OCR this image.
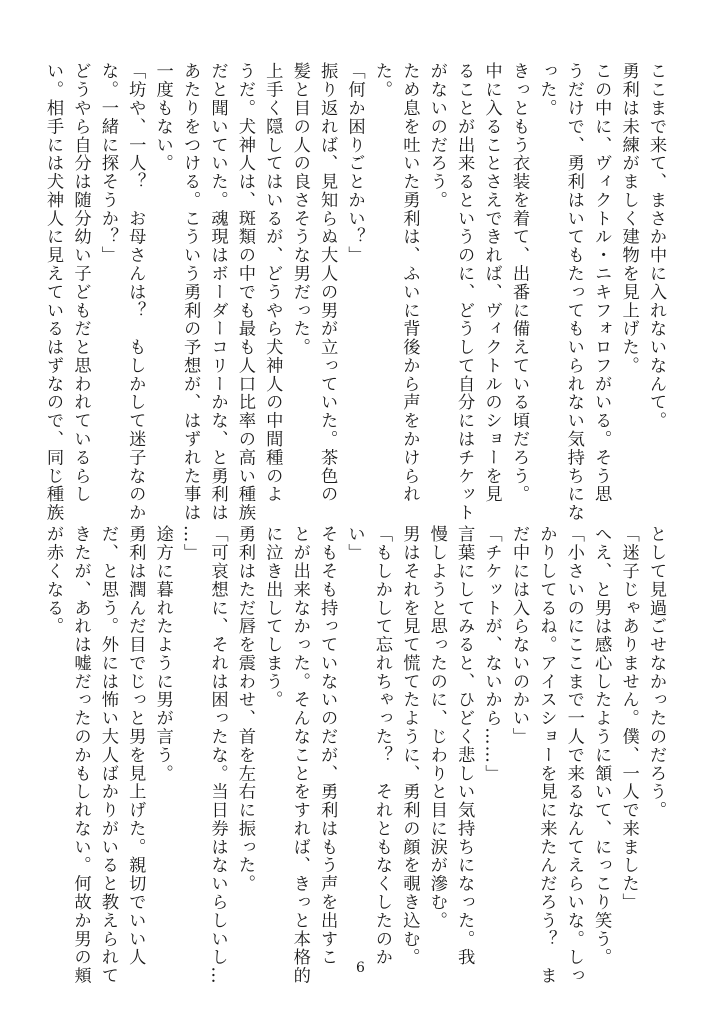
ここまで来て、まさか中に入れないなんて。

勇利は未練がましく建物を見上げた。

この中に、ヴィクトル・ニキフォロフがいる。そう思

うだけで、勇利はいてもたってもいられない気持ちにな

った。

きっともう衣装を着て、出番に備えている頃だろう。

中に入ることさえできれば、ヴィクトルのショーを見

ることが出来るというのに、どうして自分にはチケット

がないのだろう。

ため息を吐いた勇利は、ふいに背後から声をかけられ

た。

「何か困りごとかい？」

振り返れば、見知らぬ大人の男が立っていた。茶色の

髪と目の人の良さそうな男だった。

上手く隠してはいるが、どうやら犬神人の中間種のよ

うだ。犬神人は、斑類の中でも最も人口比率の高い種族

だと聞いていた。魂現はボーダーコリーかな、と勇利は

あたりをつける。こういう勇利の予想が、はずれた事は

一度もない。

「坊や、一人？　お母さんは？　もしかして迷子なのか

な。一緒に探そうか？」

どうやら自分は随分幼い子どもだと思われているらし

い。相手には犬神人に見えているはずなので、同じ種族

として見過ごせなかったのだろう。

「迷子じゃありません。僕、一人で来ました」

へえ、と男は感心したように頷いて、にっこり笑う。

「小さいのにここまで一人で来るなんてえらいな。しっ

かりしてるね。アイスショーを見に来たんだろう？　ま

だ中には入らないのかい」

「チケットが、ないから……」

言葉にしてみると、ひどく悲しい気持ちになった。我

慢しようと思ったのに、じわりと目に涙が滲む。

男はそれを見て慌てたように、勇利の顔を覗き込む。

「もしかして忘れちゃった？　それともなくしたのか

い」

そもそも持っていないのだが、勇利はもう声を出すこ

とが出来なかった。そんなことをすれば、きっと本格的

に泣き出してしまう。

勇利はただ唇を震わせ、首を左右に振った。

「可哀想に、それは困ったな。当日券はないらしいし…

…」

途方に暮れたように男が言う。

勇利は潤んだ目でじっと男を見上げた。親切でいい人

だ、と思う。外には怖い大人ばかりがいると教えられて

きたが、あれは嘘だったのかもしれない。何故か男の頬

が赤くなる。

6
